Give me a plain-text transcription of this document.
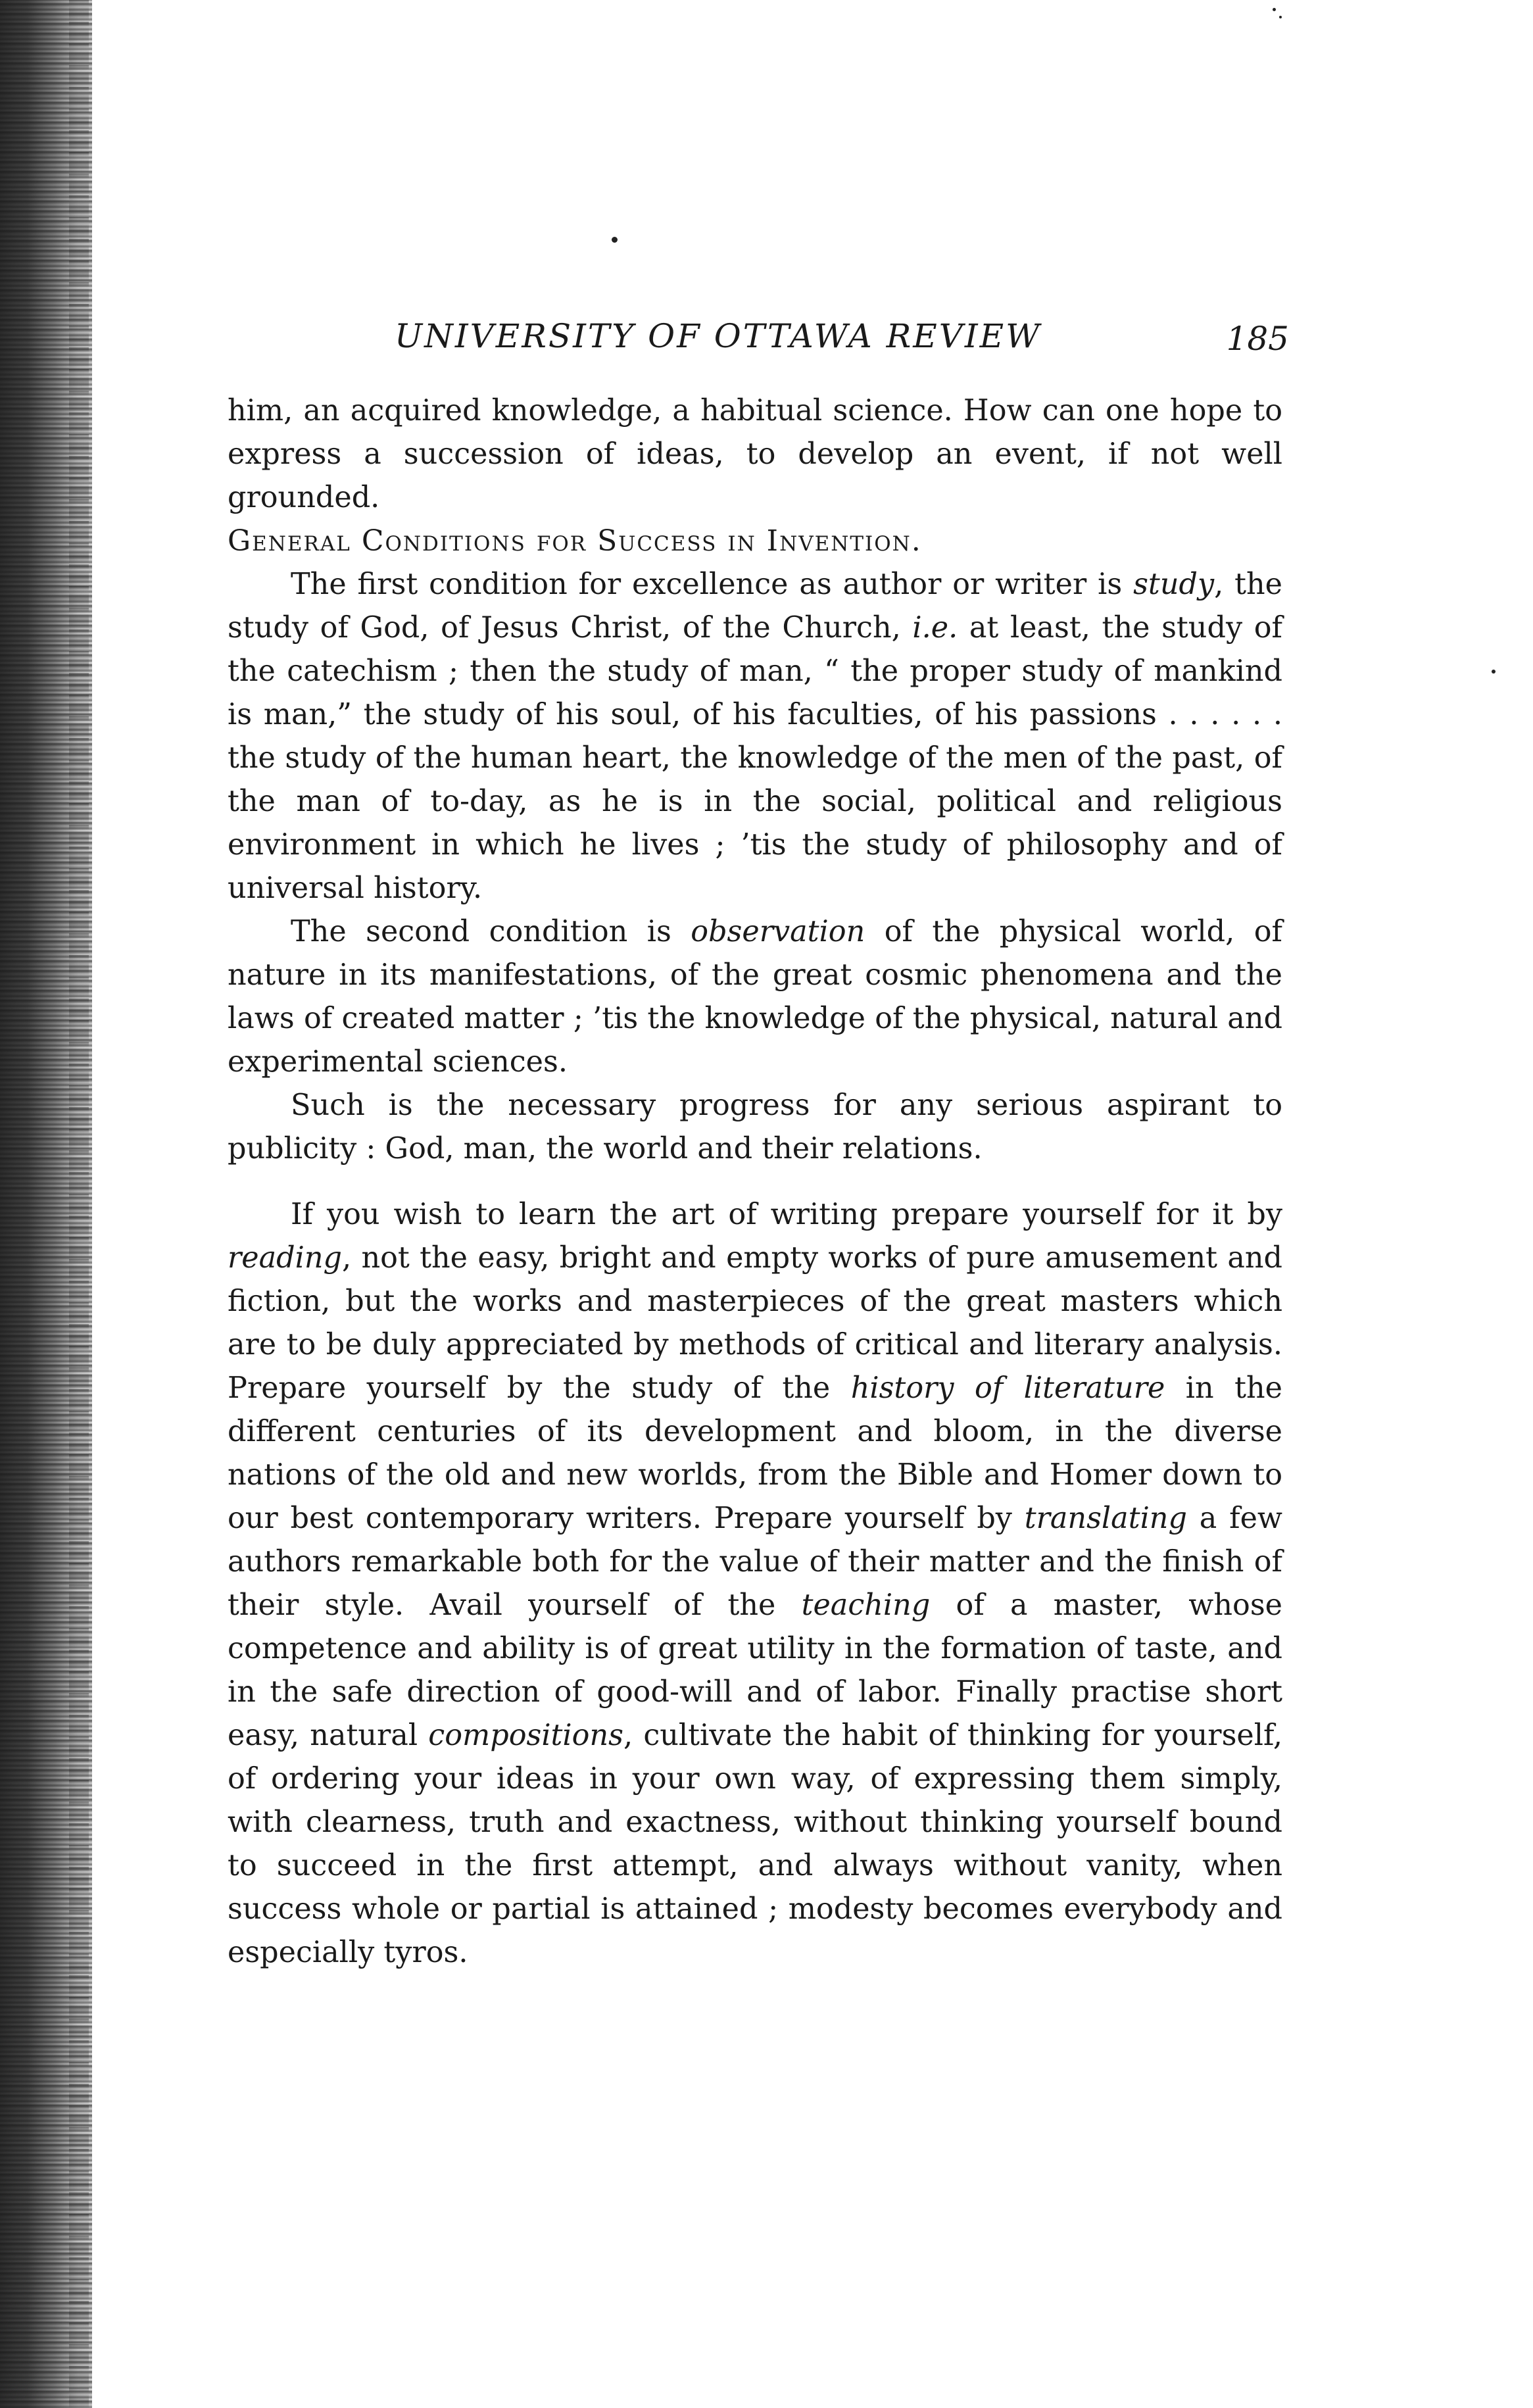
UNIVERSITY OF OTTAWA REVIEW	185

him, an acquired knowledge, a habitual science. How can one hope to express a succession of ideas, to develop an event, if not well grounded.

General Conditions for Success in Invention.

The first condition for excellence as author or writer is study, the study of God, of Jesus Christ, of the Church, i.e. at least, the study of the catechism ; then the study of man, “ the proper study of mankind is man,” the study of his soul, of his faculties, of his passions . . . . . . the study of the human heart, the knowledge of the men of the past, of the man of to-day, as he is in the social, political and religious environment in which he lives ; ’tis the study of philosophy and of universal history.

The second condition is observation of the physical world, of nature in its manifestations, of the great cosmic phenomena and the laws of created matter ; ’tis the knowledge of the physical, natural and experimental sciences.

Such is the necessary progress for any serious aspirant to publicity : God, man, the world and their relations.

If you wish to learn the art of writing prepare yourself for it by reading, not the easy, bright and empty works of pure amusement and fiction, but the works and masterpieces of the great masters which are to be duly appreciated by methods of critical and literary analysis. Prepare yourself by the study of the history of literature in the different centuries of its development and bloom, in the diverse nations of the old and new worlds, from the Bible and Homer down to our best contemporary writers. Prepare yourself by translating a few authors remarkable both for the value of their matter and the finish of their style. Avail yourself of the teaching of a master, whose competence and ability is of great utility in the formation of taste, and in the safe direction of good-will and of labor. Finally practise short easy, natural compositions, cultivate the habit of thinking for yourself, of ordering your ideas in your own way, of expressing them simply, with clearness, truth and exactness, without thinking yourself bound to succeed in the first attempt, and always without vanity, when success whole or partial is attained ; modesty becomes everybody and especially tyros.
